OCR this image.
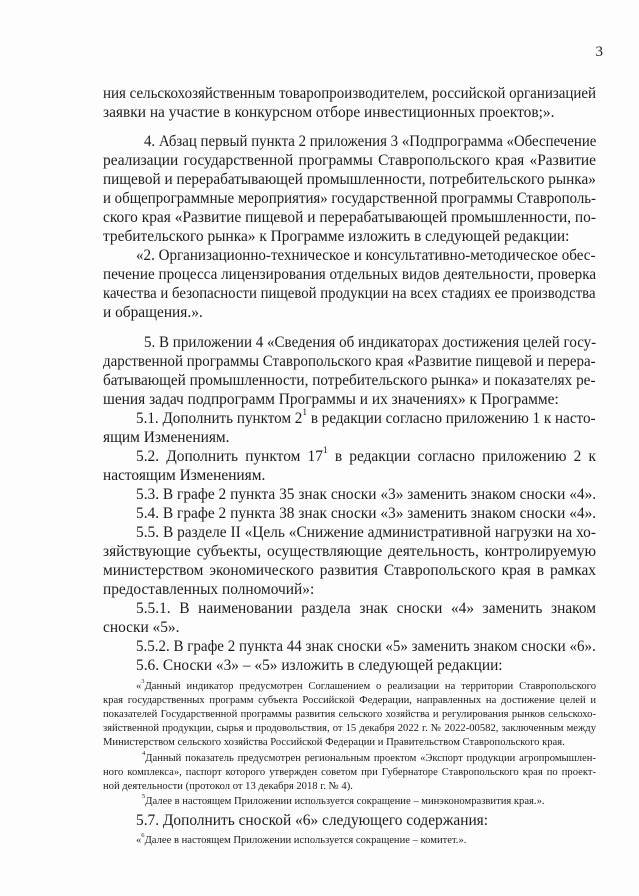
3
ния сельскохозяйственным товаропроизводителем, российской организацией
заявки на участие в конкурсном отборе инвестиционных проектов;».
4. Абзац первый пункта 2 приложения 3 «Подпрограмма «Обеспечение
реализации государственной программы Ставропольского края «Развитие
пищевой и перерабатывающей промышленности, потребительского рынка»
и общепрограммные мероприятия» государственной программы Ставрополь-
ского края «Развитие пищевой и перерабатывающей промышленности, по-
требительского рынка» к Программе изложить в следующей редакции:
«2. Организационно-техническое и консультативно-методическое обес-
печение процесса лицензирования отдельных видов деятельности, проверка
качества и безопасности пищевой продукции на всех стадиях ее производства
и обращения.».
5. В приложении 4 «Сведения об индикаторах достижения целей госу-
дарственной программы Ставропольского края «Развитие пищевой и перера-
батывающей промышленности, потребительского рынка» и показателях ре-
шения задач подпрограмм Программы и их значениях» к Программе:
5.1. Дополнить пунктом $2^1$ в редакции согласно приложению 1 к насто-
ящим Изменениям.
5.2. Дополнить пунктом $17^1$ в редакции согласно приложению 2 к
настоящим Изменениям.
5.3. В графе 2 пункта 35 знак сноски «3» заменить знаком сноски «4».
5.4. В графе 2 пункта 38 знак сноски «3» заменить знаком сноски «4».
5.5. В разделе II «Цель «Снижение административной нагрузки на хо-
зяйствующие субъекты, осуществляющие деятельность, контролируемую
министерством экономического развития Ставропольского края в рамках
предоставленных полномочий»:
5.5.1. В наименовании раздела знак сноски «4» заменить знаком
сноски «5».
5.5.2. В графе 2 пункта 44 знак сноски «5» заменить знаком сноски «6».
5.6. Сноски «3» – «5» изложить в следующей редакции:
«$^3$Данный индикатор предусмотрен Соглашением о реализации на территории Ставропольского
края государственных программ субъекта Российской Федерации, направленных на достижение целей и
показателей Государственной программы развития сельского хозяйства и регулирования рынков сельскохо-
зяйственной продукции, сырья и продовольствия, от 15 декабря 2022 г. № 2022-00582, заключенным между
Министерством сельского хозяйства Российской Федерации и Правительством Ставропольского края.
$^4$Данный показатель предусмотрен региональным проектом «Экспорт продукции агропромышлен-
ного комплекса», паспорт которого утвержден советом при Губернаторе Ставропольского края по проект-
ной деятельности (протокол от 13 декабря 2018 г. № 4).
$^5$Далее в настоящем Приложении используется сокращение – минэкономразвития края.».
5.7. Дополнить сноской «6» следующего содержания:
«$^6$Далее в настоящем Приложении используется сокращение – комитет.».
